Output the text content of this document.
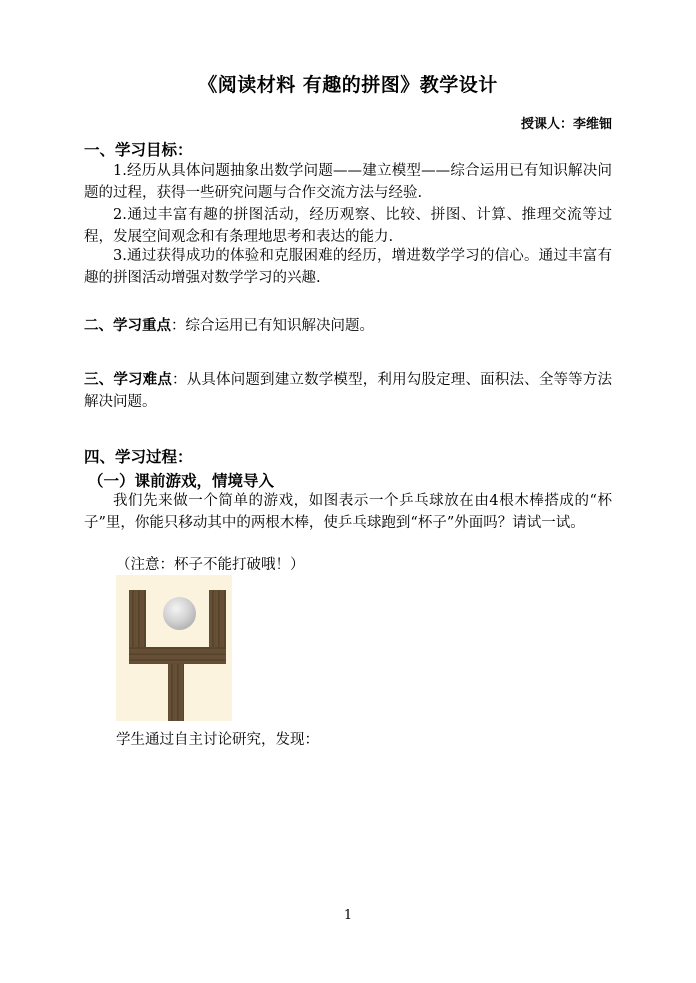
《阅读材料 有趣的拼图》教学设计
授课人：李维钿
一、学习目标：
1.经历从具体问题抽象出数学问题——建立模型——综合运用已有知识解决问题的过程，获得一些研究问题与合作交流方法与经验.
2.通过丰富有趣的拼图活动，经历观察、比较、拼图、计算、推理交流等过程，发展空间观念和有条理地思考和表达的能力.
3.通过获得成功的体验和克服困难的经历，增进数学学习的信心。通过丰富有趣的拼图活动增强对数学学习的兴趣.
二、学习重点：综合运用已有知识解决问题。
三、学习难点：从具体问题到建立数学模型，利用勾股定理、面积法、全等等方法解决问题。
四、学习过程：
（一）课前游戏，情境导入
我们先来做一个简单的游戏，如图表示一个乒乓球放在由4根木棒搭成的“杯子”里，你能只移动其中的两根木棒，使乒乓球跑到“杯子”外面吗？请试一试。
（注意：杯子不能打破哦！）
学生通过自主讨论研究，发现：
1
